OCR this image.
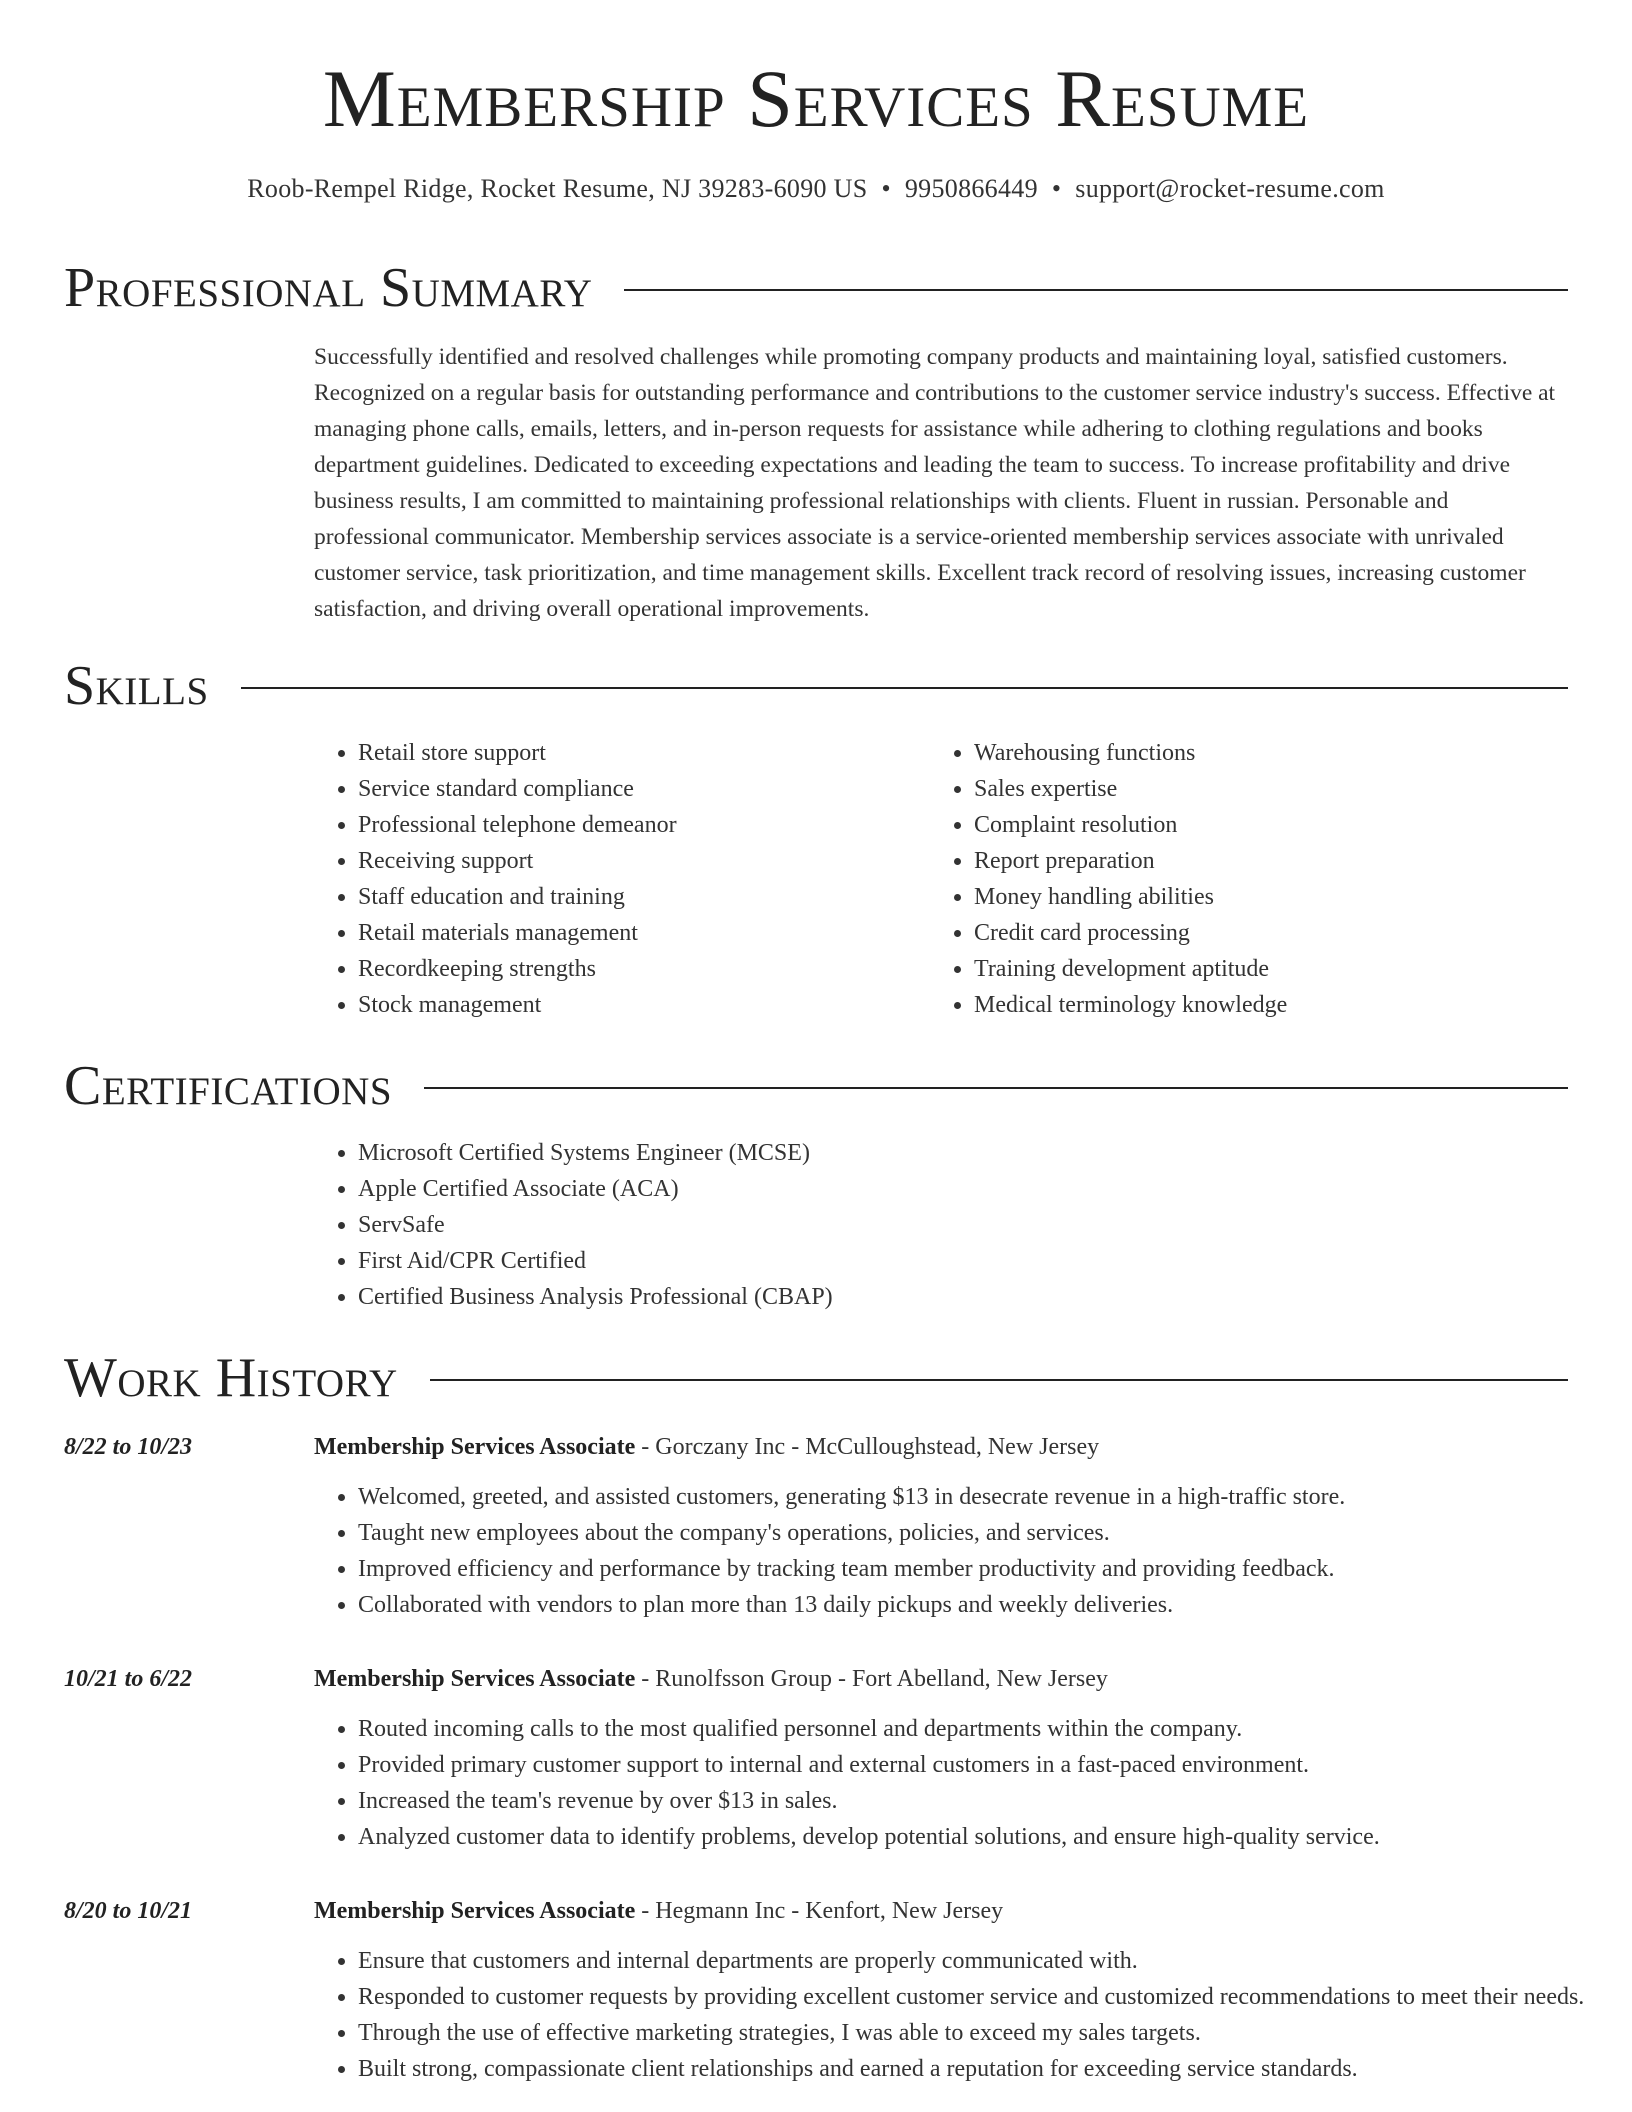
Membership Services Resume
Roob-Rempel Ridge, Rocket Resume, NJ 39283-6090 US • 9950866449 • support@rocket-resume.com
Professional Summary
Successfully identified and resolved challenges while promoting company products and maintaining loyal, satisfied customers. Recognized on a regular basis for outstanding performance and contributions to the customer service industry's success. Effective at managing phone calls, emails, letters, and in-person requests for assistance while adhering to clothing regulations and books department guidelines. Dedicated to exceeding expectations and leading the team to success. To increase profitability and drive business results, I am committed to maintaining professional relationships with clients. Fluent in russian. Personable and professional communicator. Membership services associate is a service-oriented membership services associate with unrivaled customer service, task prioritization, and time management skills. Excellent track record of resolving issues, increasing customer satisfaction, and driving overall operational improvements.
Skills
• Retail store support
• Service standard compliance
• Professional telephone demeanor
• Receiving support
• Staff education and training
• Retail materials management
• Recordkeeping strengths
• Stock management
• Warehousing functions
• Sales expertise
• Complaint resolution
• Report preparation
• Money handling abilities
• Credit card processing
• Training development aptitude
• Medical terminology knowledge
Certifications
• Microsoft Certified Systems Engineer (MCSE)
• Apple Certified Associate (ACA)
• ServSafe
• First Aid/CPR Certified
• Certified Business Analysis Professional (CBAP)
Work History
8/22 to 10/23	Membership Services Associate - Gorczany Inc - McCulloughstead, New Jersey
• Welcomed, greeted, and assisted customers, generating $13 in desecrate revenue in a high-traffic store.
• Taught new employees about the company's operations, policies, and services.
• Improved efficiency and performance by tracking team member productivity and providing feedback.
• Collaborated with vendors to plan more than 13 daily pickups and weekly deliveries.
10/21 to 6/22	Membership Services Associate - Runolfsson Group - Fort Abelland, New Jersey
• Routed incoming calls to the most qualified personnel and departments within the company.
• Provided primary customer support to internal and external customers in a fast-paced environment.
• Increased the team's revenue by over $13 in sales.
• Analyzed customer data to identify problems, develop potential solutions, and ensure high-quality service.
8/20 to 10/21	Membership Services Associate - Hegmann Inc - Kenfort, New Jersey
• Ensure that customers and internal departments are properly communicated with.
• Responded to customer requests by providing excellent customer service and customized recommendations to meet their needs.
• Through the use of effective marketing strategies, I was able to exceed my sales targets.
• Built strong, compassionate client relationships and earned a reputation for exceeding service standards.
